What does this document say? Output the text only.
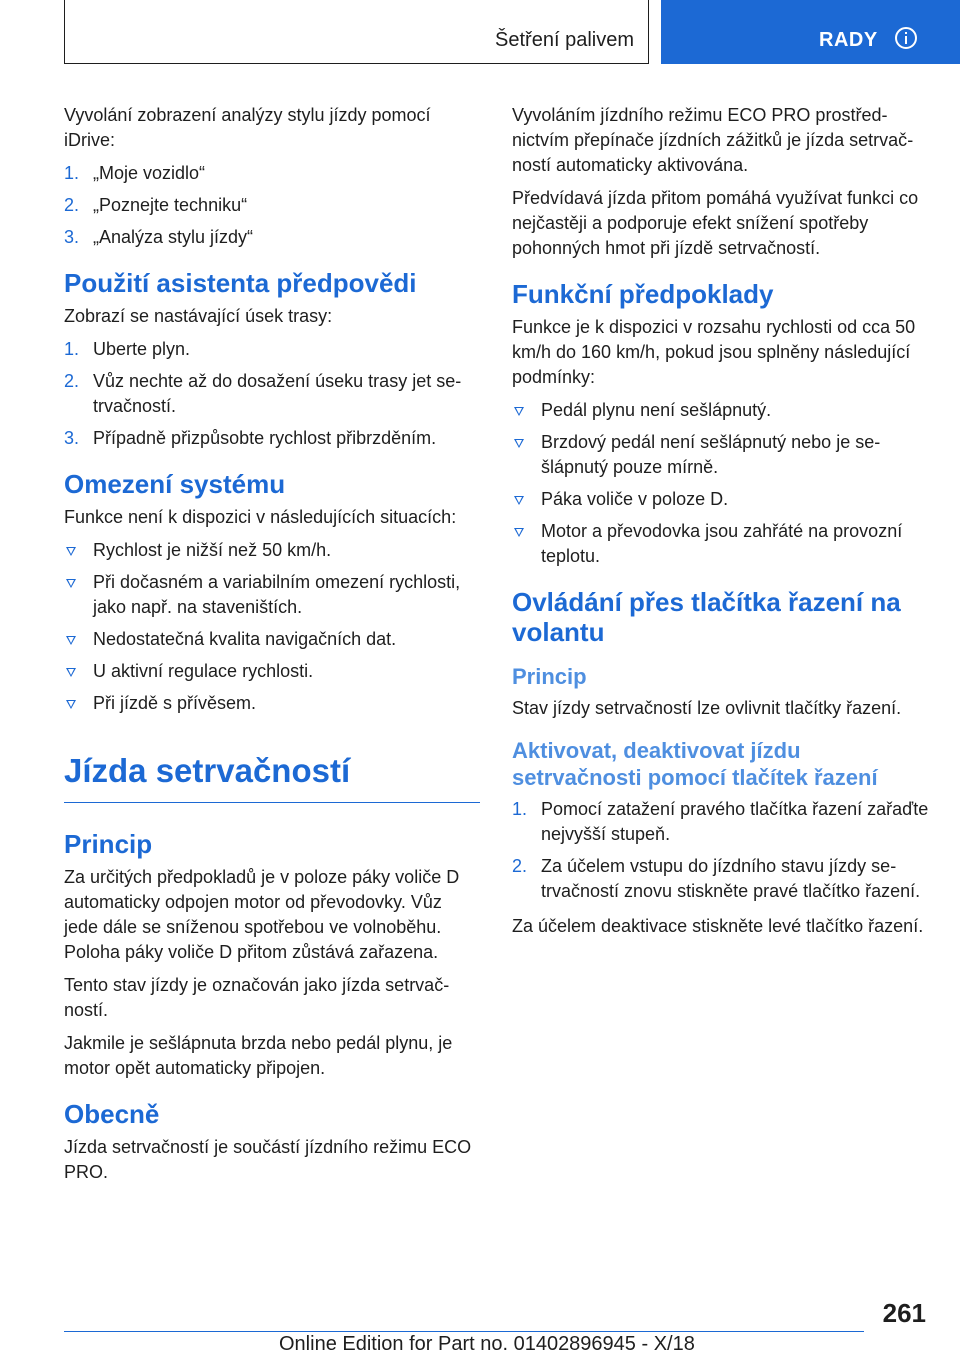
Šetření palivem	RADY

Vyvolání zobrazení analýzy stylu jízdy pomocí iDrive:

1. „Moje vozidlo“
2. „Poznejte techniku“
3. „Analýza stylu jízdy“
Použití asistenta předpovědi

Zobrazí se nastávající úsek trasy:

1. Uberte plyn.
2. Vůz nechte až do dosažení úseku trasy jet setrvačností.
3. Případně přizpůsobte rychlost přibrzděním.
Omezení systému

Funkce není k dispozici v následujících situacích:

Rychlost je nižší než 50 km/h.
Při dočasném a variabilním omezení rychlosti, jako např. na staveništích.
Nedostatečná kvalita navigačních dat.
U aktivní regulace rychlosti.
Při jízdě s přívěsem.
Jízda setrvačností
Princip

Za určitých předpokladů je v poloze páky voliče D automaticky odpojen motor od převodovky. Vůz jede dále se sníženou spotřebou ve volnoběhu. Poloha páky voliče D přitom zůstává zařazena.

Tento stav jízdy je označován jako jízda setrvačností.

Jakmile je sešlápnuta brzda nebo pedál plynu, je motor opět automaticky připojen.

Obecně

Jízda setrvačností je součástí jízdního režimu ECO PRO.

Vyvoláním jízdního režimu ECO PRO prostřednictvím přepínače jízdních zážitků je jízda setrvačností automaticky aktivována.

Předvídavá jízda přitom pomáhá využívat funkci co nejčastěji a podporuje efekt snížení spotřeby pohonných hmot při jízdě setrvačností.

Funkční předpoklady

Funkce je k dispozici v rozsahu rychlosti od cca 50 km/h do 160 km/h, pokud jsou splněny následující podmínky:

Pedál plynu není sešlápnutý.
Brzdový pedál není sešlápnutý nebo je sešlápnutý pouze mírně.
Páka voliče v poloze D.
Motor a převodovka jsou zahřáté na provozní teplotu.
Ovládání přes tlačítka řazení na volantu
Princip

Stav jízdy setrvačností lze ovlivnit tlačítky řazení.

Aktivovat, deaktivovat jízdu setrvačnosti pomocí tlačítek řazení
1. Pomocí zatažení pravého tlačítka řazení zařaďte nejvyšší stupeň.
2. Za účelem vstupu do jízdního stavu jízdy setrvačností znovu stiskněte pravé tlačítko řazení.

Za účelem deaktivace stiskněte levé tlačítko řazení.

261
Online Edition for Part no. 01402896945 - X/18
